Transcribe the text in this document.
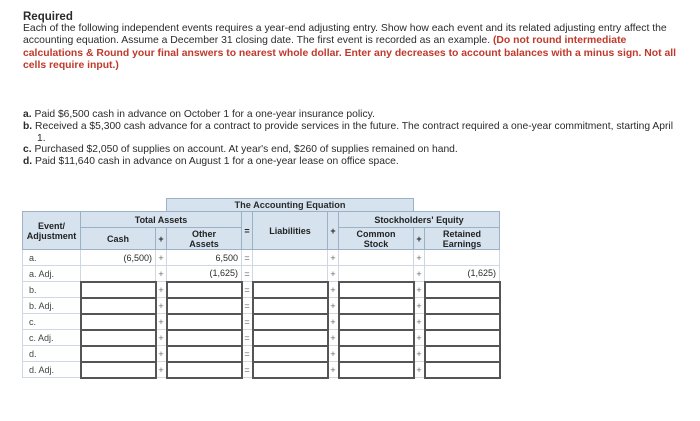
Required
Each of the following independent events requires a year-end adjusting entry. Show how each event and its related adjusting entry affect the accounting equation. Assume a December 31 closing date. The first event is recorded as an example. (Do not round intermediate calculations & Round your final answers to nearest whole dollar. Enter any decreases to account balances with a minus sign. Not all cells require input.)
a. Paid $6,500 cash in advance on October 1 for a one-year insurance policy.
b. Received a $5,300 cash advance for a contract to provide services in the future. The contract required a one-year commitment, starting April 1.
c. Purchased $2,050 of supplies on account. At year's end, $260 of supplies remained on hand.
d. Paid $11,640 cash in advance on August 1 for a one-year lease on office space.
			The Accounting Equation						
Event/
Adjustment	Total Assets			=	Liabilities	+	Stockholders' Equity		
	Cash	+	Other
Assets				Common
Stock	+	Retained
Earnings
a.	(6,500)	+	6,500	=		+		+	
a. Adj.		+	(1,625)	=		+		+	(1,625)
b.		+		=		+		+	
b. Adj.		+		=		+		+	
c.		+		=		+		+	
c. Adj.		+		=		+		+	
d.		+		=		+		+	
d. Adj.		+		=		+		+	
